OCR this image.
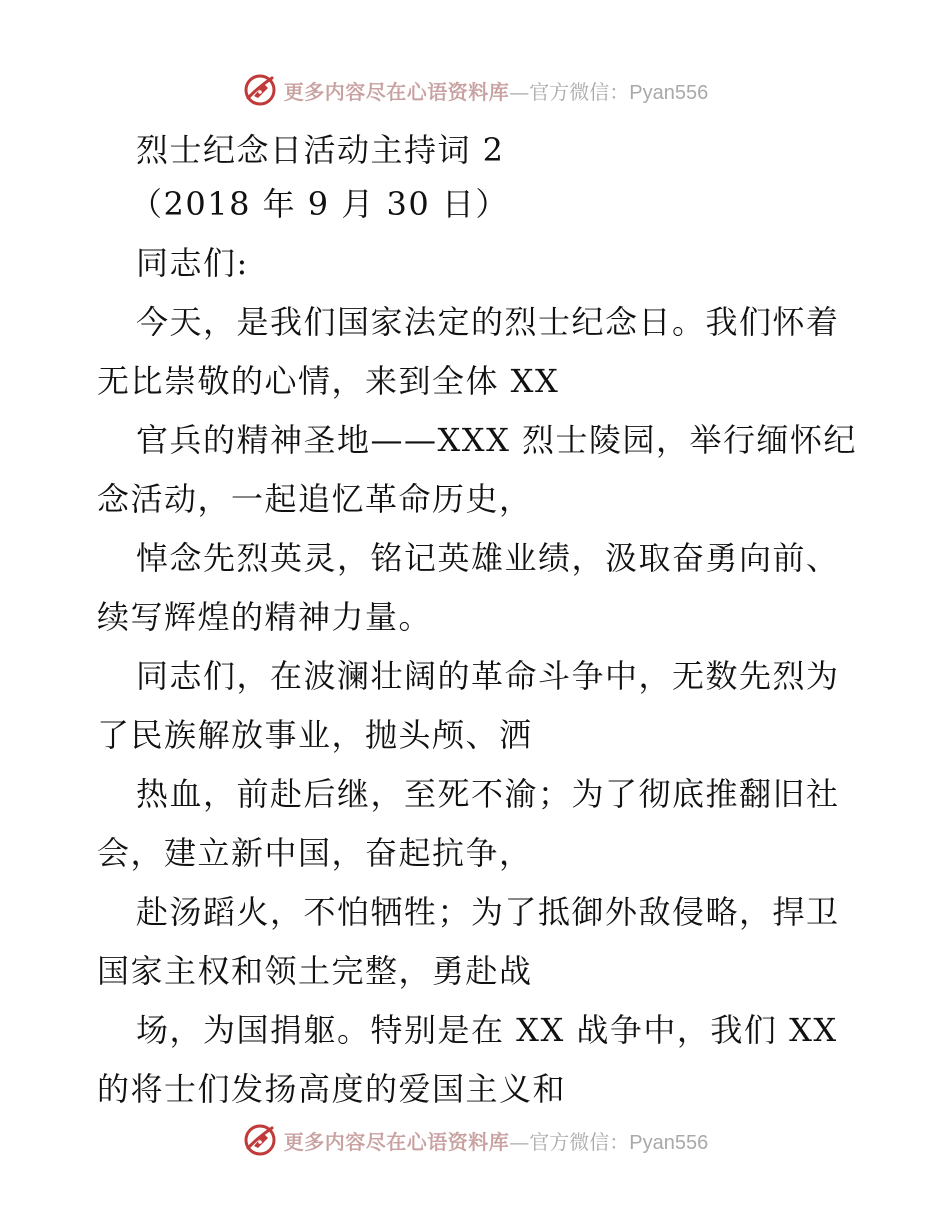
更多内容尽在心语资料库 —官方微信： Pyan556
烈士纪念日活动主持词 2
（2018 年 9 月 30 日）
同志们:
今天，是我们国家法定的烈士纪念日。我们怀着
无比崇敬的心情，来到全体 XX
官兵的精神圣地——XXX 烈士陵园，举行缅怀纪
念活动，一起追忆革命历史，
悼念先烈英灵，铭记英雄业绩，汲取奋勇向前、
续写辉煌的精神力量。
同志们，在波澜壮阔的革命斗争中，无数先烈为
了民族解放事业，抛头颅、洒
热血，前赴后继，至死不渝；为了彻底推翻旧社
会，建立新中国，奋起抗争，
赴汤蹈火，不怕牺牲；为了抵御外敌侵略，捍卫
国家主权和领土完整，勇赴战
场，为国捐躯。特别是在 XX 战争中，我们 XX
的将士们发扬高度的爱国主义和
更多内容尽在心语资料库 —官方微信： Pyan556
